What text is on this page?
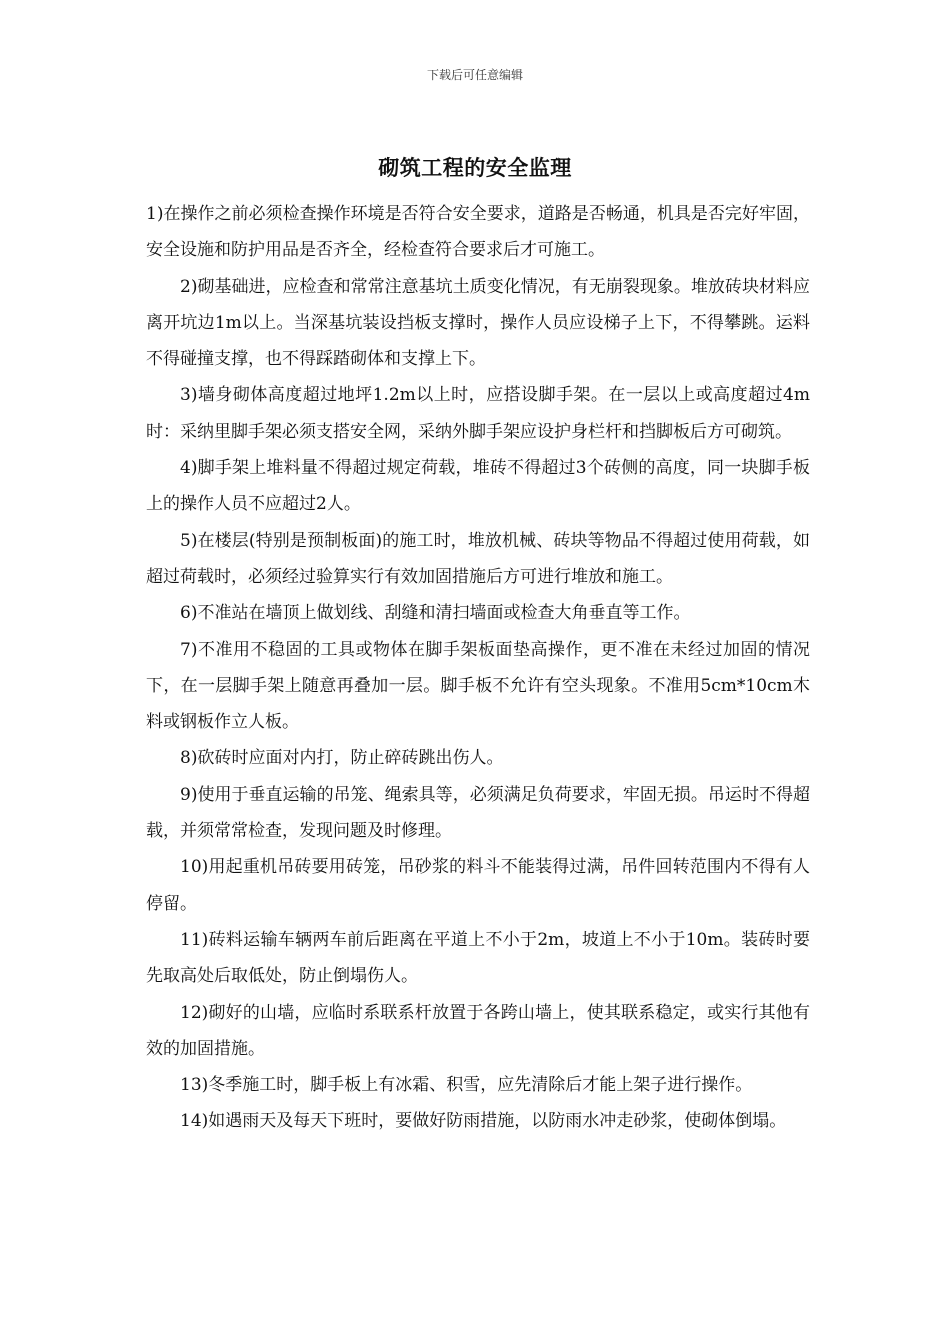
下载后可任意编辑
砌筑工程的安全监理

1)在操作之前必须检查操作环境是否符合安全要求，道路是否畅通，机具是否完好牢固，安全设施和防护用品是否齐全，经检查符合要求后才可施工。

2)砌基础进，应检查和常常注意基坑土质变化情况，有无崩裂现象。堆放砖块材料应离开坑边1m以上。当深基坑装设挡板支撑时，操作人员应设梯子上下，不得攀跳。运料不得碰撞支撑，也不得踩踏砌体和支撑上下。

3)墙身砌体高度超过地坪1.2m以上时，应搭设脚手架。在一层以上或高度超过4m时：采纳里脚手架必须支搭安全网，采纳外脚手架应设护身栏杆和挡脚板后方可砌筑。

4)脚手架上堆料量不得超过规定荷载，堆砖不得超过3个砖侧的高度，同一块脚手板上的操作人员不应超过2人。

5)在楼层(特别是预制板面)的施工时，堆放机械、砖块等物品不得超过使用荷载，如超过荷载时，必须经过验算实行有效加固措施后方可进行堆放和施工。

6)不准站在墙顶上做划线、刮缝和清扫墙面或检查大角垂直等工作。

7)不准用不稳固的工具或物体在脚手架板面垫高操作，更不准在未经过加固的情况下，在一层脚手架上随意再叠加一层。脚手板不允许有空头现象。不准用5cm*10cm木料或钢板作立人板。

8)砍砖时应面对内打，防止碎砖跳出伤人。

9)使用于垂直运输的吊笼、绳索具等，必须满足负荷要求，牢固无损。吊运时不得超载，并须常常检查，发现问题及时修理。

10)用起重机吊砖要用砖笼，吊砂浆的料斗不能装得过满，吊件回转范围内不得有人停留。

11)砖料运输车辆两车前后距离在平道上不小于2m，坡道上不小于10m。装砖时要先取高处后取低处，防止倒塌伤人。

12)砌好的山墙，应临时系联系杆放置于各跨山墙上，使其联系稳定，或实行其他有效的加固措施。

13)冬季施工时，脚手板上有冰霜、积雪，应先清除后才能上架子进行操作。

14)如遇雨天及每天下班时，要做好防雨措施，以防雨水冲走砂浆，使砌体倒塌。
